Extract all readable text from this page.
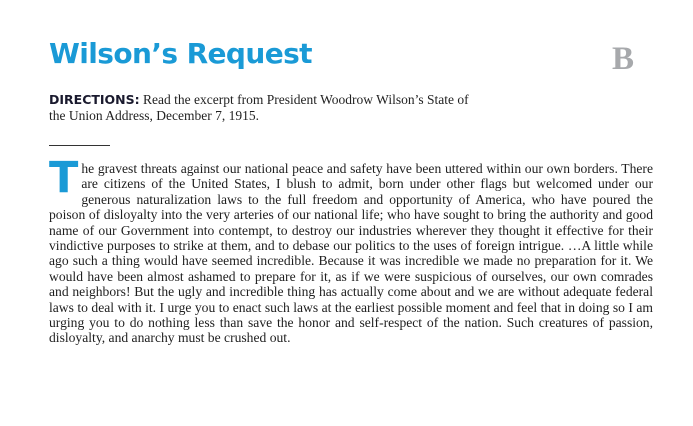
Wilson’s Request	B
DIRECTIONS: Read the excerpt from President Woodrow Wilson’s State of the Union Address, December 7, 1915.

The gravest threats against our national peace and safety have been uttered within our own borders. There are citizens of the United States, I blush to admit, born under other flags but welcomed under our generous naturalization laws to the full freedom and opportunity of America, who have poured the poison of disloyalty into the very arteries of our national life; who have sought to bring the authority and good name of our Government into contempt, to destroy our industries wherever they thought it effective for their vindictive purposes to strike at them, and to debase our politics to the uses of foreign intrigue. …A little while ago such a thing would have seemed incredible. Because it was incredible we made no preparation for it. We would have been almost ashamed to prepare for it, as if we were suspicious of ourselves, our own comrades and neighbors! But the ugly and incredible thing has actually come about and we are without adequate federal laws to deal with it. I urge you to enact such laws at the earliest possible moment and feel that in doing so I am urging you to do nothing less than save the honor and self-respect of the nation. Such creatures of passion, disloyalty, and anarchy must be crushed out.
